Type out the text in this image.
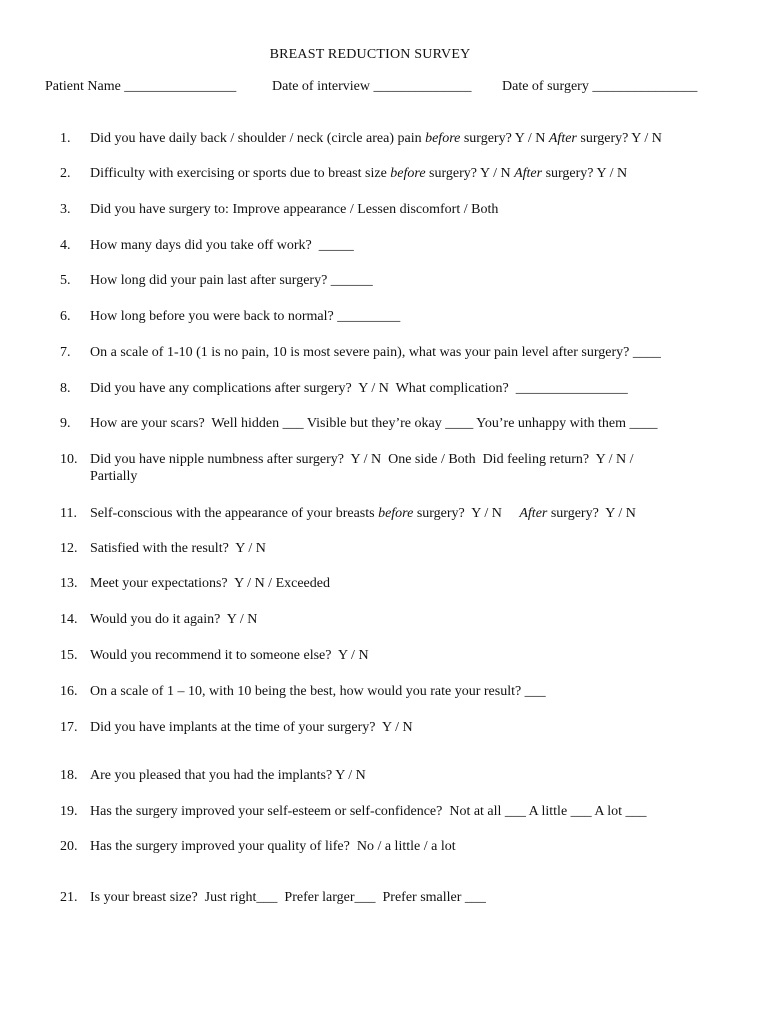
BREAST REDUCTION SURVEY
Patient Name ________________	Date of interview ______________ Date of surgery _______________
1.	Did you have daily back / shoulder / neck (circle area) pain before surgery? Y / N After surgery? Y / N
2.	Difficulty with exercising or sports due to breast size before surgery? Y / N After surgery? Y / N
3.	Did you have surgery to: Improve appearance / Lessen discomfort / Both
4.	How many days did you take off work?  _____
5.	How long did your pain last after surgery? ______
6.	How long before you were back to normal? _________
7.	On a scale of 1-10 (1 is no pain, 10 is most severe pain), what was your pain level after surgery? ____
8.	Did you have any complications after surgery?  Y / N  What complication?  ________________
9.	How are your scars?  Well hidden ___ Visible but they’re okay ____ You’re unhappy with them ____
10. Did you have nipple numbness after surgery?  Y / N  One side / Both  Did feeling return?  Y / N /
Partially
11. Self-conscious with the appearance of your breasts before surgery?  Y / N     After surgery?  Y / N
12. Satisfied with the result?  Y / N
13. Meet your expectations?  Y / N / Exceeded
14. Would you do it again?  Y / N
15. Would you recommend it to someone else?  Y / N
16. On a scale of 1 – 10, with 10 being the best, how would you rate your result? ___
17. Did you have implants at the time of your surgery?  Y / N
18. Are you pleased that you had the implants? Y / N
19. Has the surgery improved your self-esteem or self-confidence?  Not at all ___ A little ___ A lot ___
20. Has the surgery improved your quality of life?  No / a little / a lot
21. Is your breast size?  Just right___  Prefer larger___  Prefer smaller ___
